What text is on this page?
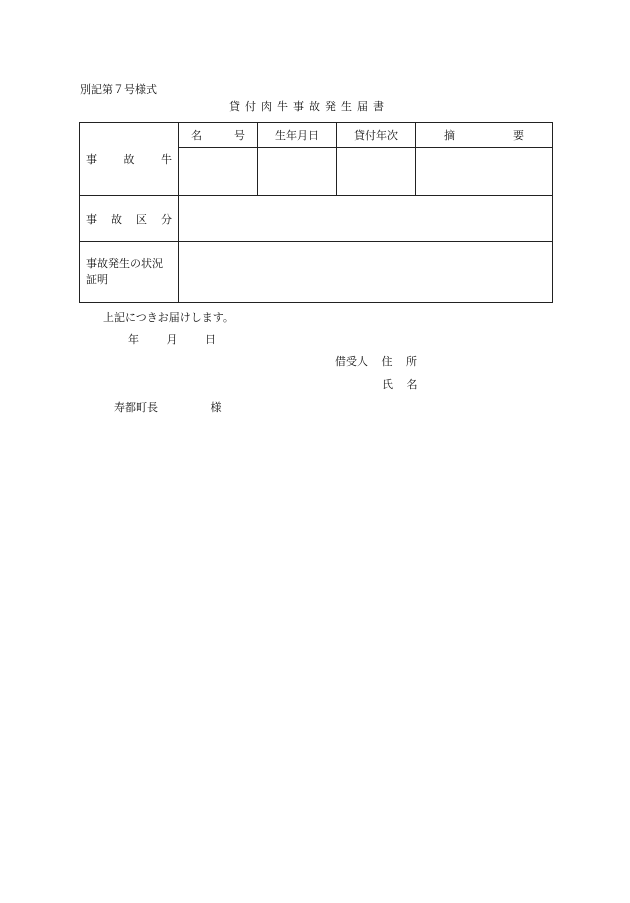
別記第７号様式
貸付肉牛事故発生届書
事 故 牛	名 号	生年月日	貸付年次	摘 要

事 故 区 分				

事故発生の状況
証明				

上記につきお届けします。
年	月	日
借受人 住 所
氏 名
寿都町長	様
